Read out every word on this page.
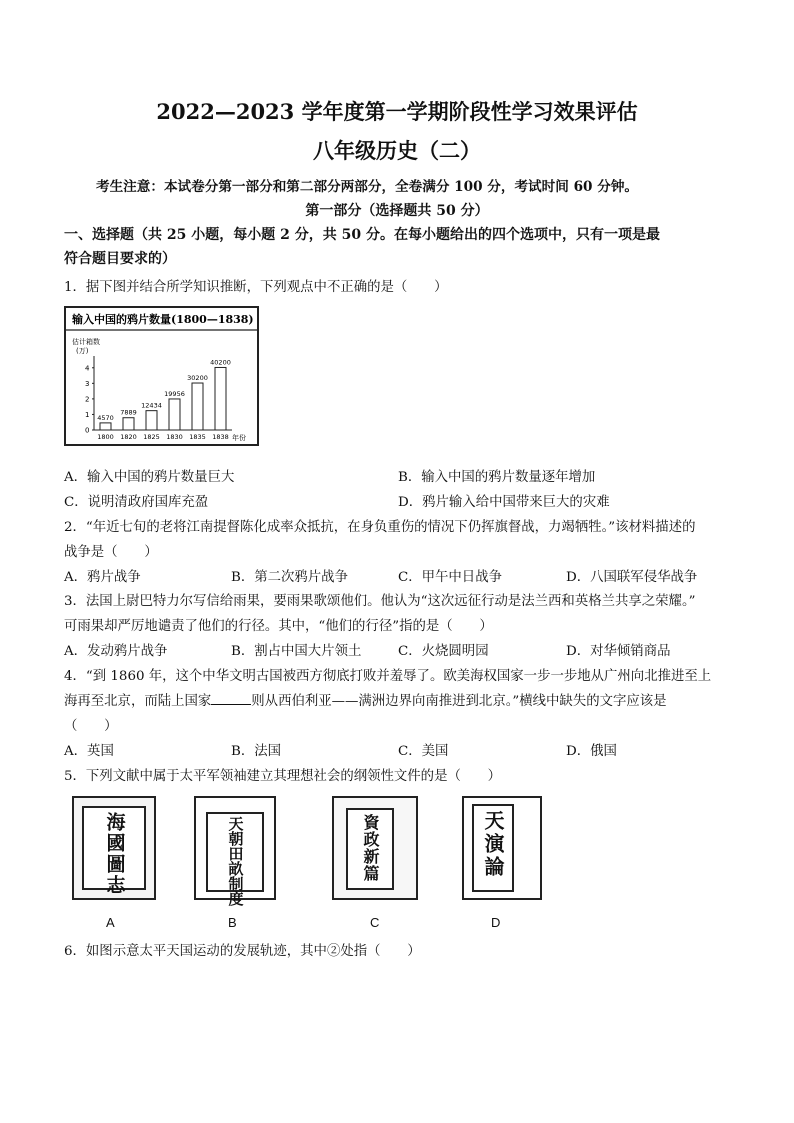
2022—2023 学年度第一学期阶段性学习效果评估
八年级历史（二）
考生注意：本试卷分第一部分和第二部分两部分，全卷满分 100 分，考试时间 60 分钟。
第一部分（选择题共 50 分）
一、选择题（共 25 小题，每小题 2 分，共 50 分。在每小题给出的四个选项中，只有一项是最
符合题目要求的）
1．据下图并结合所学知识推断，下列观点中不正确的是（　　）
输入中国的鸦片数量(1800—1838)
估计箱数
(万)
年份
0
1
2
3
4
4570
1800
7889
1820
12434
1825
19956
1830
30200
1835
40200
1838
A．输入中国的鸦片数量巨大	B．输入中国的鸦片数量逐年增加
C．说明清政府国库充盈	D．鸦片输入给中国带来巨大的灾难
2．“年近七旬的老将江南提督陈化成率众抵抗，在身负重伤的情况下仍挥旗督战，力竭牺牲。”该材料描述的
战争是（　　）
A．鸦片战争	B．第二次鸦片战争	C．甲午中日战争	D．八国联军侵华战争
3．法国上尉巴特力尔写信给雨果，要雨果歌颂他们。他认为“这次远征行动是法兰西和英格兰共享之荣耀。”
可雨果却严厉地谴责了他们的行径。其中，“他们的行径”指的是（　　）
A．发动鸦片战争	B．割占中国大片领土	C．火烧圆明园	D．对华倾销商品
4．“到 1860 年，这个中华文明古国被西方彻底打败并羞辱了。欧美海权国家一步一步地从广州向北推进至上
海再至北京，而陆上国家	则从西伯利亚——满洲边界向南推进到北京。”横线中缺失的文字应该是
（　　）
A．英国	B．法国	C．美国	D．俄国
5．下列文献中属于太平军领袖建立其理想社会的纲领性文件的是（　　）
海國圖志
A
天朝田畝制度
B
資政新篇
C
天演論
D
6．如图示意太平天国运动的发展轨迹，其中②处指（　　）
